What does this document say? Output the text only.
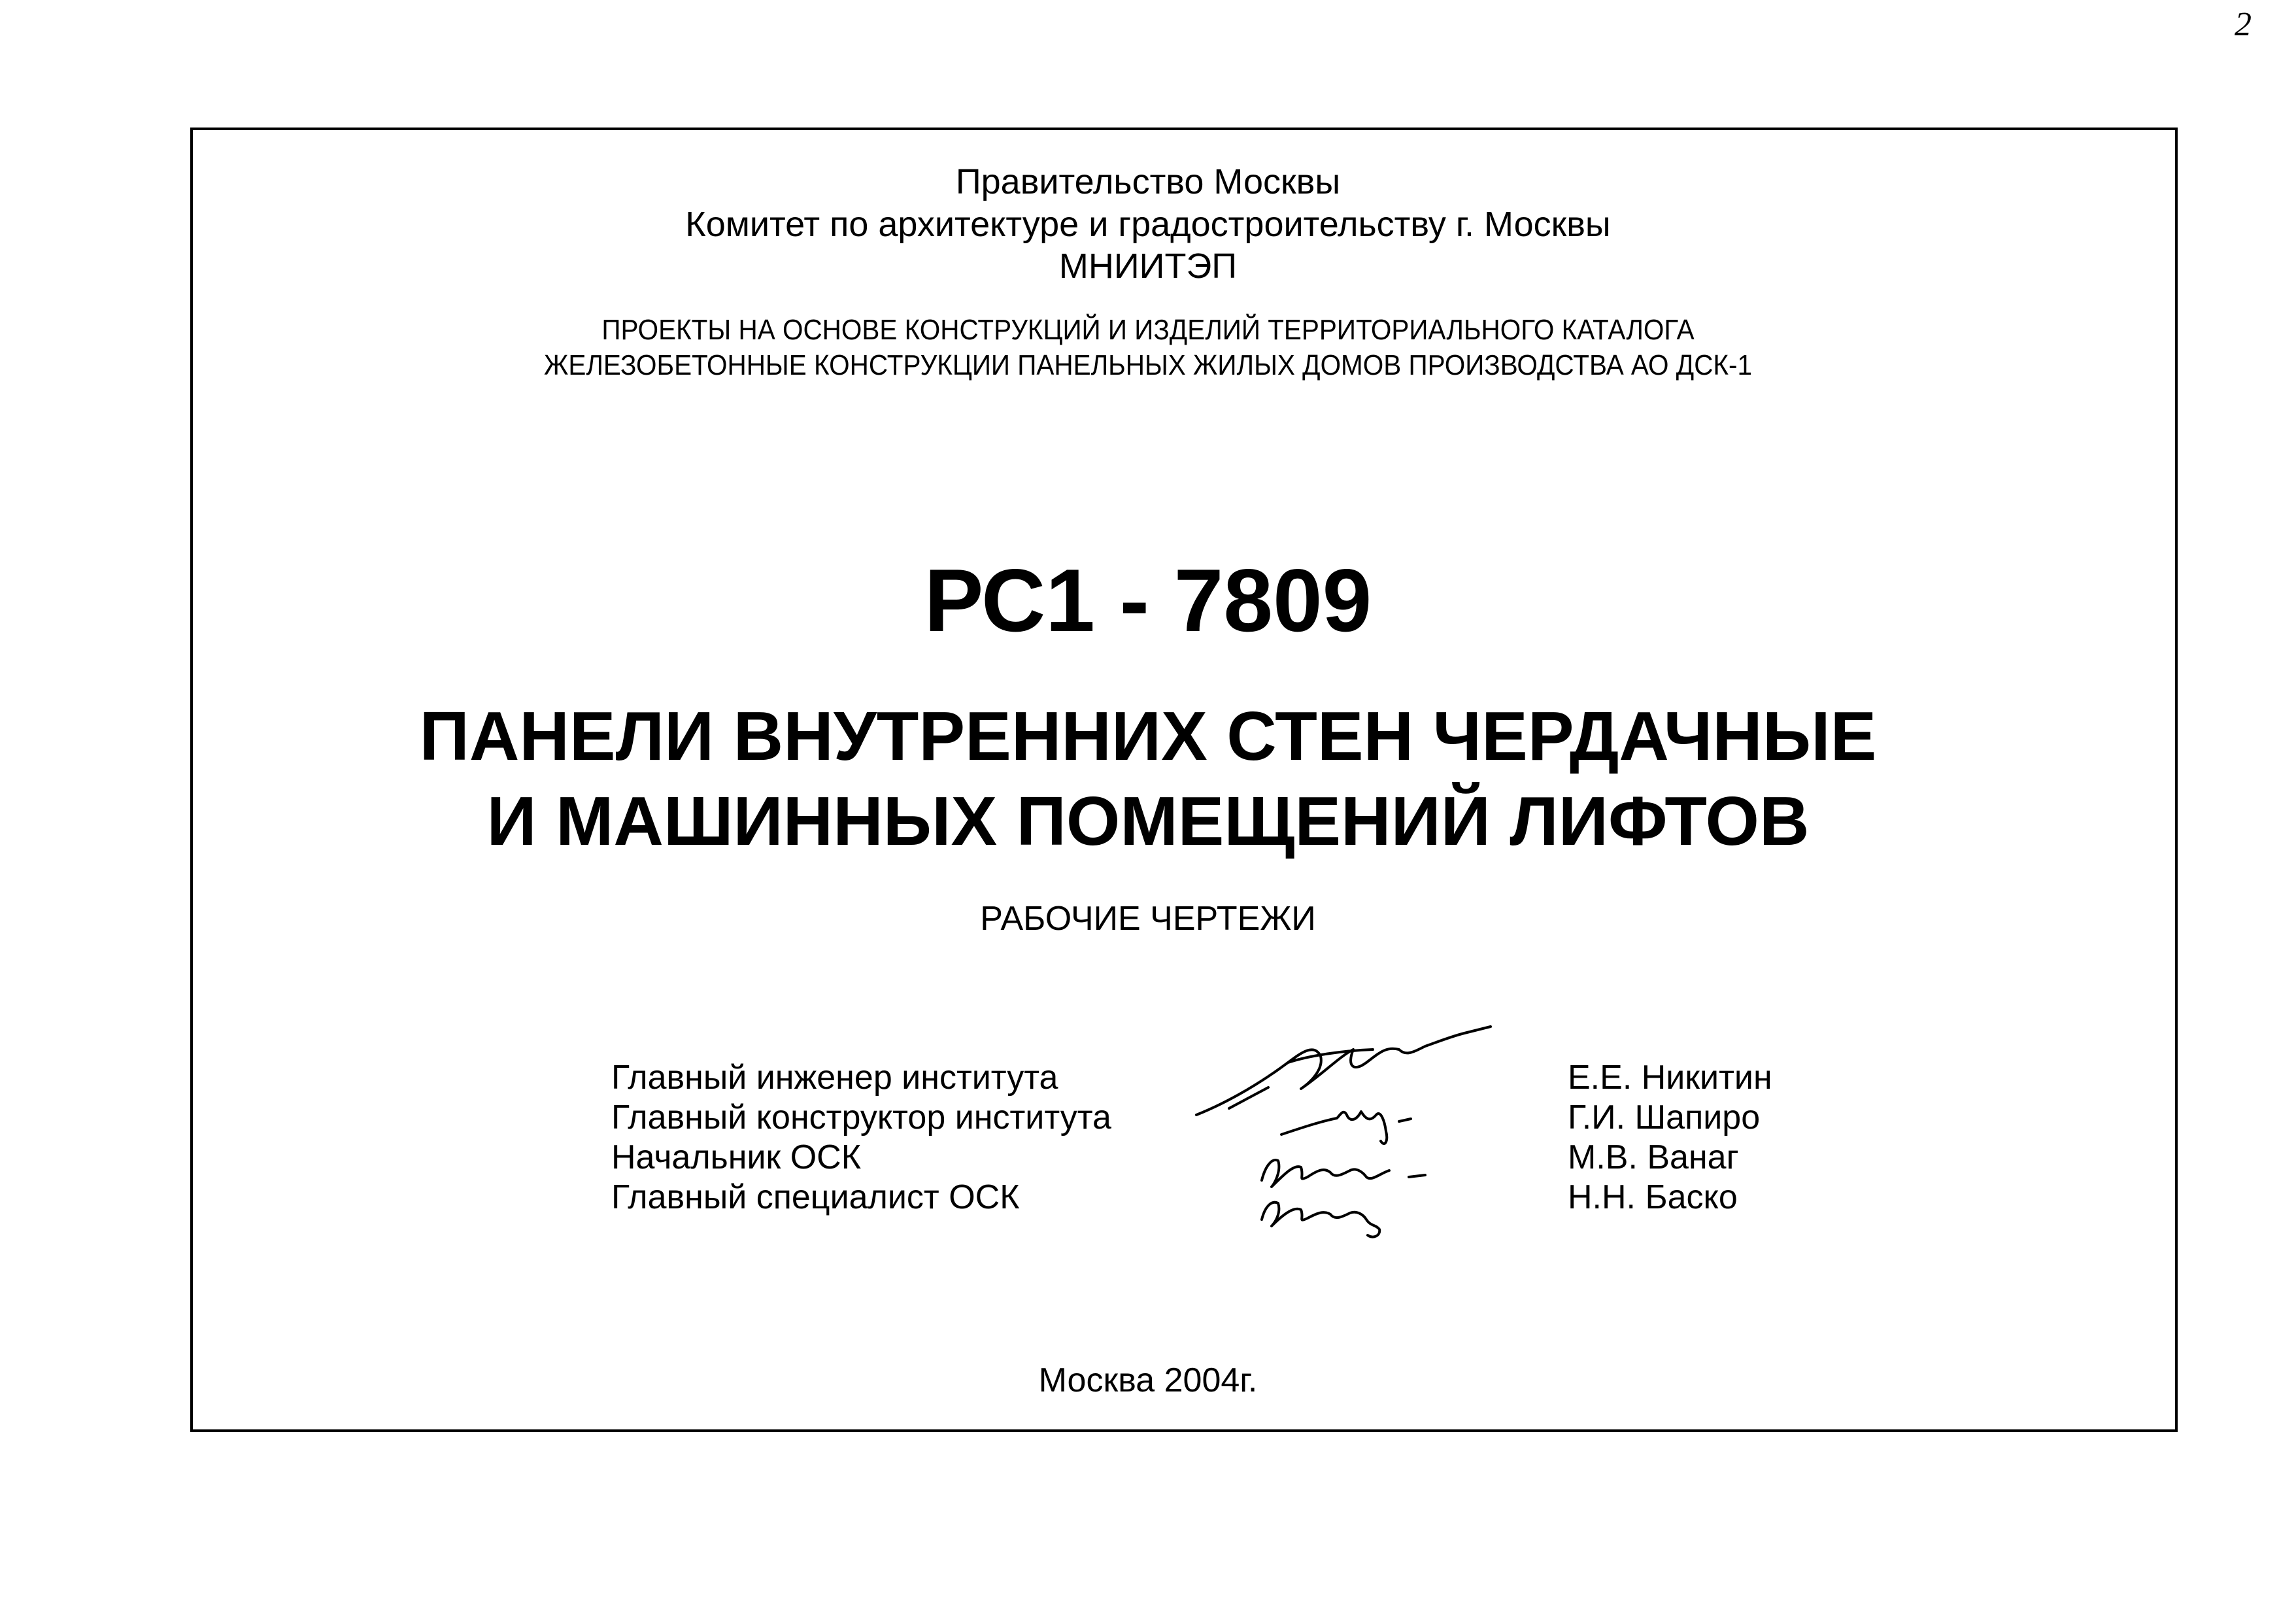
2
Правительство Москвы
Комитет по архитектуре и градостроительству г. Москвы
МНИИТЭП
ПРОЕКТЫ НА ОСНОВЕ КОНСТРУКЦИЙ И ИЗДЕЛИЙ ТЕРРИТОРИАЛЬНОГО КАТАЛОГА
ЖЕЛЕЗОБЕТОННЫЕ КОНСТРУКЦИИ ПАНЕЛЬНЫХ ЖИЛЫХ ДОМОВ ПРОИЗВОДСТВА АО ДСК-1
РС1 - 7809
ПАНЕЛИ ВНУТРЕННИХ СТЕН ЧЕРДАЧНЫЕ
И МАШИННЫХ ПОМЕЩЕНИЙ ЛИФТОВ
РАБОЧИЕ ЧЕРТЕЖИ
Главный инженер института
Главный конструктор института
Начальник ОСК
Главный специалист ОСК
Е.Е. Никитин
Г.И. Шапиро
М.В. Ванаг
Н.Н. Баско
Москва 2004г.
